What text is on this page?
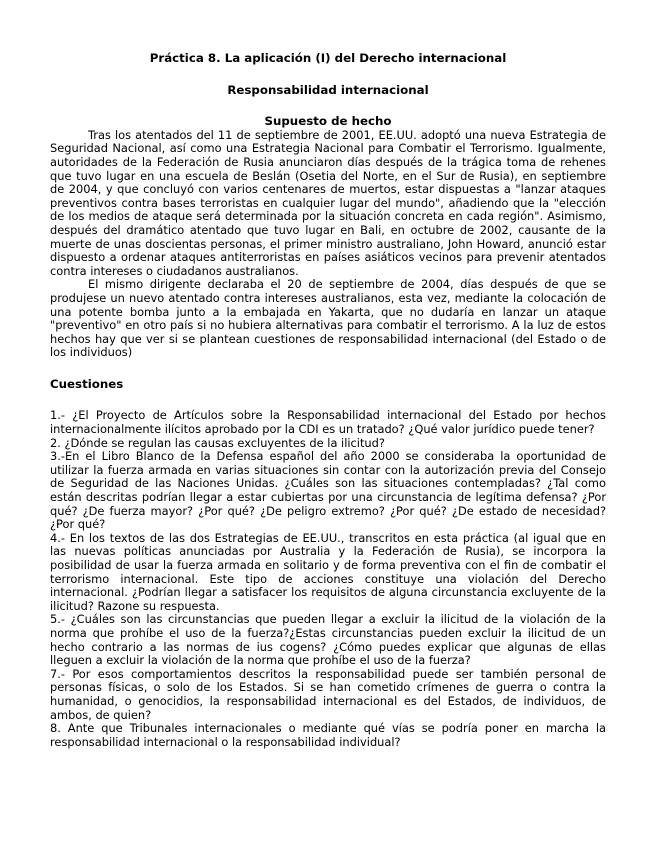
Práctica 8. La aplicación (I) del Derecho internacional
Responsabilidad internacional
Supuesto de hecho

Tras los atentados del 11 de septiembre de 2001, EE.UU. adoptó una nueva Estrategia de Seguridad Nacional, así como una Estrategia Nacional para Combatir el Terrorismo. Igualmente, autoridades de la Federación de Rusia anunciaron días después de la trágica toma de rehenes que tuvo lugar en una escuela de Beslán (Osetia del Norte, en el Sur de Rusia), en septiembre de 2004, y que concluyó con varios centenares de muertos, estar dispuestas a "lanzar ataques preventivos contra bases terroristas en cualquier lugar del mundo", añadiendo que la "elección de los medios de ataque será determinada por la situación concreta en cada región". Asimismo, después del dramático atentado que tuvo lugar en Bali, en octubre de 2002, causante de la muerte de unas doscientas personas, el primer ministro australiano, John Howard, anunció estar dispuesto a ordenar ataques antiterroristas en países asiáticos vecinos para prevenir atentados contra intereses o ciudadanos australianos.

El mismo dirigente declaraba el 20 de septiembre de 2004, días después de que se produjese un nuevo atentado contra intereses australianos, esta vez, mediante la colocación de una potente bomba junto a la embajada en Yakarta, que no dudaría en lanzar un ataque "preventivo" en otro país si no hubiera alternativas para combatir el terrorismo. A la luz de estos hechos hay que ver si se plantean cuestiones de responsabilidad internacional (del Estado o de los individuos)

Cuestiones

1.- ¿El Proyecto de Artículos sobre la Responsabilidad internacional del Estado por hechos internacionalmente ilícitos aprobado por la CDI es un tratado? ¿Qué valor jurídico puede tener?

2. ¿Dónde se regulan las causas excluyentes de la ilicitud?

3.-En el Libro Blanco de la Defensa español del año 2000 se consideraba la oportunidad de utilizar la fuerza armada en varias situaciones sin contar con la autorización previa del Consejo de Seguridad de las Naciones Unidas. ¿Cuáles son las situaciones contempladas? ¿Tal como están descritas podrían llegar a estar cubiertas por una circunstancia de legítima defensa? ¿Por qué? ¿De fuerza mayor? ¿Por qué? ¿De peligro extremo? ¿Por qué? ¿De estado de necesidad? ¿Por qué?

4.- En los textos de las dos Estrategias de EE.UU., transcritos en esta práctica (al igual que en las nuevas políticas anunciadas por Australia y la Federación de Rusia), se incorpora la posibilidad de usar la fuerza armada en solitario y de forma preventiva con el fin de combatir el terrorismo internacional. Este tipo de acciones constituye una violación del Derecho internacional. ¿Podrían llegar a satisfacer los requisitos de alguna circunstancia excluyente de la ilicitud? Razone su respuesta.

5.- ¿Cuáles son las circunstancias que pueden llegar a excluir la ilicitud de la violación de la norma que prohíbe el uso de la fuerza?¿Estas circunstancias pueden excluir la ilicitud de un hecho contrario a las normas de ius cogens? ¿Cómo puedes explicar que algunas de ellas lleguen a excluir la violación de la norma que prohíbe el uso de la fuerza?

7.- Por esos comportamientos descritos la responsabilidad puede ser también personal de personas físicas, o solo de los Estados. Si se han cometido crímenes de guerra o contra la humanidad, o genocidios, la responsabilidad internacional es del Estados, de individuos, de ambos, de quien?

8. Ante que Tribunales internacionales o mediante qué vías se podría poner en marcha la responsabilidad internacional o la responsabilidad individual?
